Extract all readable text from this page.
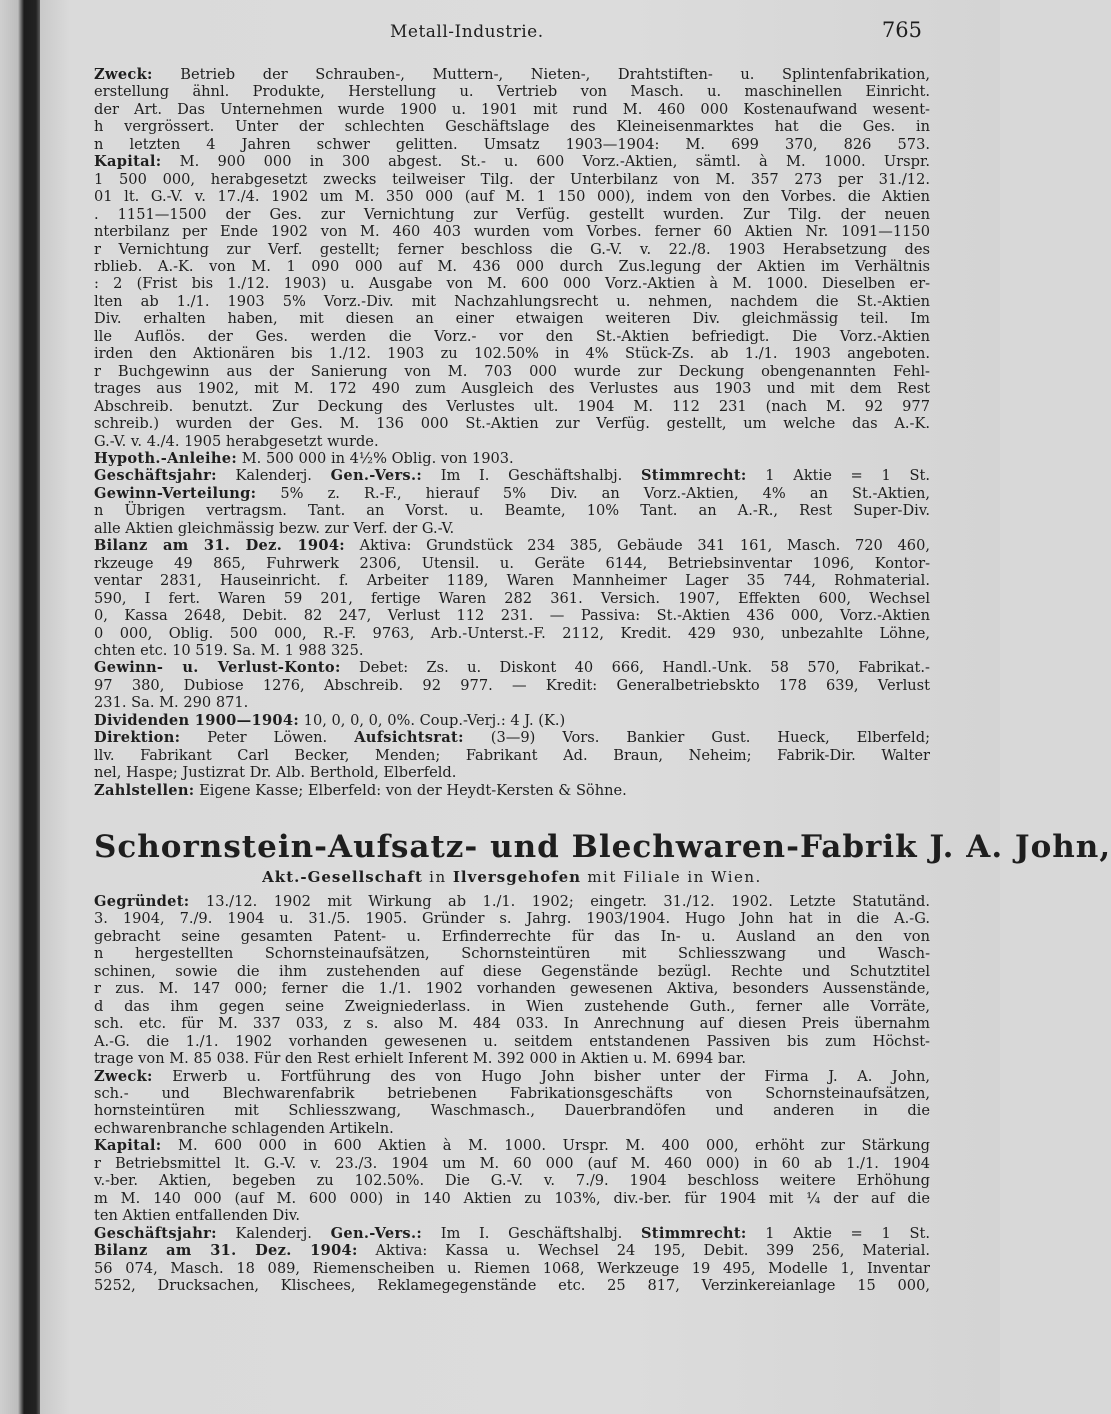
Metall-Industrie.	765

Zweck: Betrieb der Schrauben-, Muttern-, Nieten-, Drahtstiften- u. Splintenfabrikation,

erstellung ähnl. Produkte, Herstellung u. Vertrieb von Masch. u. maschinellen Einricht.

der Art. Das Unternehmen wurde 1900 u. 1901 mit rund M. 460 000 Kostenaufwand wesent-

h vergrössert. Unter der schlechten Geschäftslage des Kleineisenmarktes hat die Ges. in

n letzten 4 Jahren schwer gelitten. Umsatz 1903—1904: M. 699 370, 826 573.

Kapital: M. 900 000 in 300 abgest. St.- u. 600 Vorz.-Aktien, sämtl. à M. 1000. Urspr.

1 500 000, herabgesetzt zwecks teilweiser Tilg. der Unterbilanz von M. 357 273 per 31./12.

01 lt. G.-V. v. 17./4. 1902 um M. 350 000 (auf M. 1 150 000), indem von den Vorbes. die Aktien

. 1151—1500 der Ges. zur Vernichtung zur Verfüg. gestellt wurden. Zur Tilg. der neuen

nterbilanz per Ende 1902 von M. 460 403 wurden vom Vorbes. ferner 60 Aktien Nr. 1091—1150

r Vernichtung zur Verf. gestellt; ferner beschloss die G.-V. v. 22./8. 1903 Herabsetzung des

rblieb. A.-K. von M. 1 090 000 auf M. 436 000 durch Zus.legung der Aktien im Verhältnis

: 2 (Frist bis 1./12. 1903) u. Ausgabe von M. 600 000 Vorz.-Aktien à M. 1000. Dieselben er-

lten ab 1./1. 1903 5% Vorz.-Div. mit Nachzahlungsrecht u. nehmen, nachdem die St.-Aktien

Div. erhalten haben, mit diesen an einer etwaigen weiteren Div. gleichmässig teil. Im

lle Auflös. der Ges. werden die Vorz.- vor den St.-Aktien befriedigt. Die Vorz.-Aktien

irden den Aktionären bis 1./12. 1903 zu 102.50% in 4% Stück-Zs. ab 1./1. 1903 angeboten.

r Buchgewinn aus der Sanierung von M. 703 000 wurde zur Deckung obengenannten Fehl-

trages aus 1902, mit M. 172 490 zum Ausgleich des Verlustes aus 1903 und mit dem Rest

Abschreib. benutzt. Zur Deckung des Verlustes ult. 1904 M. 112 231 (nach M. 92 977

schreib.) wurden der Ges. M. 136 000 St.-Aktien zur Verfüg. gestellt, um welche das A.-K.

G.-V. v. 4./4. 1905 herabgesetzt wurde.

Hypoth.-Anleihe: M. 500 000 in 4½% Oblig. von 1903.

Geschäftsjahr: Kalenderj. Gen.-Vers.: Im I. Geschäftshalbj. Stimmrecht: 1 Aktie = 1 St.

Gewinn-Verteilung: 5% z. R.-F., hierauf 5% Div. an Vorz.-Aktien, 4% an St.-Aktien,

n Übrigen vertragsm. Tant. an Vorst. u. Beamte, 10% Tant. an A.-R., Rest Super-Div.

alle Aktien gleichmässig bezw. zur Verf. der G.-V.

Bilanz am 31. Dez. 1904: Aktiva: Grundstück 234 385, Gebäude 341 161, Masch. 720 460,

rkzeuge 49 865, Fuhrwerk 2306, Utensil. u. Geräte 6144, Betriebsinventar 1096, Kontor-

ventar 2831, Hauseinricht. f. Arbeiter 1189, Waren Mannheimer Lager 35 744, Rohmaterial.

590, I fert. Waren 59 201, fertige Waren 282 361. Versich. 1907, Effekten 600, Wechsel

0, Kassa 2648, Debit. 82 247, Verlust 112 231. — Passiva: St.-Aktien 436 000, Vorz.-Aktien

0 000, Oblig. 500 000, R.-F. 9763, Arb.-Unterst.-F. 2112, Kredit. 429 930, unbezahlte Löhne,

chten etc. 10 519. Sa. M. 1 988 325.

Gewinn- u. Verlust-Konto: Debet: Zs. u. Diskont 40 666, Handl.-Unk. 58 570, Fabrikat.-

97 380, Dubiose 1276, Abschreib. 92 977. — Kredit: Generalbetriebskto 178 639, Verlust

231. Sa. M. 290 871.

Dividenden 1900—1904: 10, 0, 0, 0, 0%. Coup.-Verj.: 4 J. (K.)

Direktion: Peter Löwen. Aufsichtsrat: (3—9) Vors. Bankier Gust. Hueck, Elberfeld;

llv. Fabrikant Carl Becker, Menden; Fabrikant Ad. Braun, Neheim; Fabrik-Dir. Walter

nel, Haspe; Justizrat Dr. Alb. Berthold, Elberfeld.

Zahlstellen: Eigene Kasse; Elberfeld: von der Heydt-Kersten & Söhne.

Schornstein-Aufsatz- und Blechwaren-Fabrik J. A. John,
Akt.-Gesellschaft in Ilversgehofen mit Filiale in Wien.

Gegründet: 13./12. 1902 mit Wirkung ab 1./1. 1902; eingetr. 31./12. 1902. Letzte Statutänd.

3. 1904, 7./9. 1904 u. 31./5. 1905. Gründer s. Jahrg. 1903/1904. Hugo John hat in die A.-G.

gebracht seine gesamten Patent- u. Erfinderrechte für das In- u. Ausland an den von

n hergestellten Schornsteinaufsätzen, Schornsteintüren mit Schliesszwang und Wasch-

schinen, sowie die ihm zustehenden auf diese Gegenstände bezügl. Rechte und Schutztitel

r zus. M. 147 000; ferner die 1./1. 1902 vorhanden gewesenen Aktiva, besonders Aussenstände,

d das ihm gegen seine Zweigniederlass. in Wien zustehende Guth., ferner alle Vorräte,

sch. etc. für M. 337 033, z s. also M. 484 033. In Anrechnung auf diesen Preis übernahm

A.-G. die 1./1. 1902 vorhanden gewesenen u. seitdem entstandenen Passiven bis zum Höchst-

trage von M. 85 038. Für den Rest erhielt Inferent M. 392 000 in Aktien u. M. 6994 bar.

Zweck: Erwerb u. Fortführung des von Hugo John bisher unter der Firma J. A. John,

sch.- und Blechwarenfabrik betriebenen Fabrikationsgeschäfts von Schornsteinaufsätzen,

hornsteintüren mit Schliesszwang, Waschmasch., Dauerbrandöfen und anderen in die

echwarenbranche schlagenden Artikeln.

Kapital: M. 600 000 in 600 Aktien à M. 1000. Urspr. M. 400 000, erhöht zur Stärkung

r Betriebsmittel lt. G.-V. v. 23./3. 1904 um M. 60 000 (auf M. 460 000) in 60 ab 1./1. 1904

v.-ber. Aktien, begeben zu 102.50%. Die G.-V. v. 7./9. 1904 beschloss weitere Erhöhung

m M. 140 000 (auf M. 600 000) in 140 Aktien zu 103%, div.-ber. für 1904 mit ¼ der auf die

ten Aktien entfallenden Div.

Geschäftsjahr: Kalenderj. Gen.-Vers.: Im I. Geschäftshalbj. Stimmrecht: 1 Aktie = 1 St.

Bilanz am 31. Dez. 1904: Aktiva: Kassa u. Wechsel 24 195, Debit. 399 256, Material.

56 074, Masch. 18 089, Riemenscheiben u. Riemen 1068, Werkzeuge 19 495, Modelle 1, Inventar

5252, Drucksachen, Klischees, Reklamegegenstände etc. 25 817, Verzinkereianlage 15 000,
